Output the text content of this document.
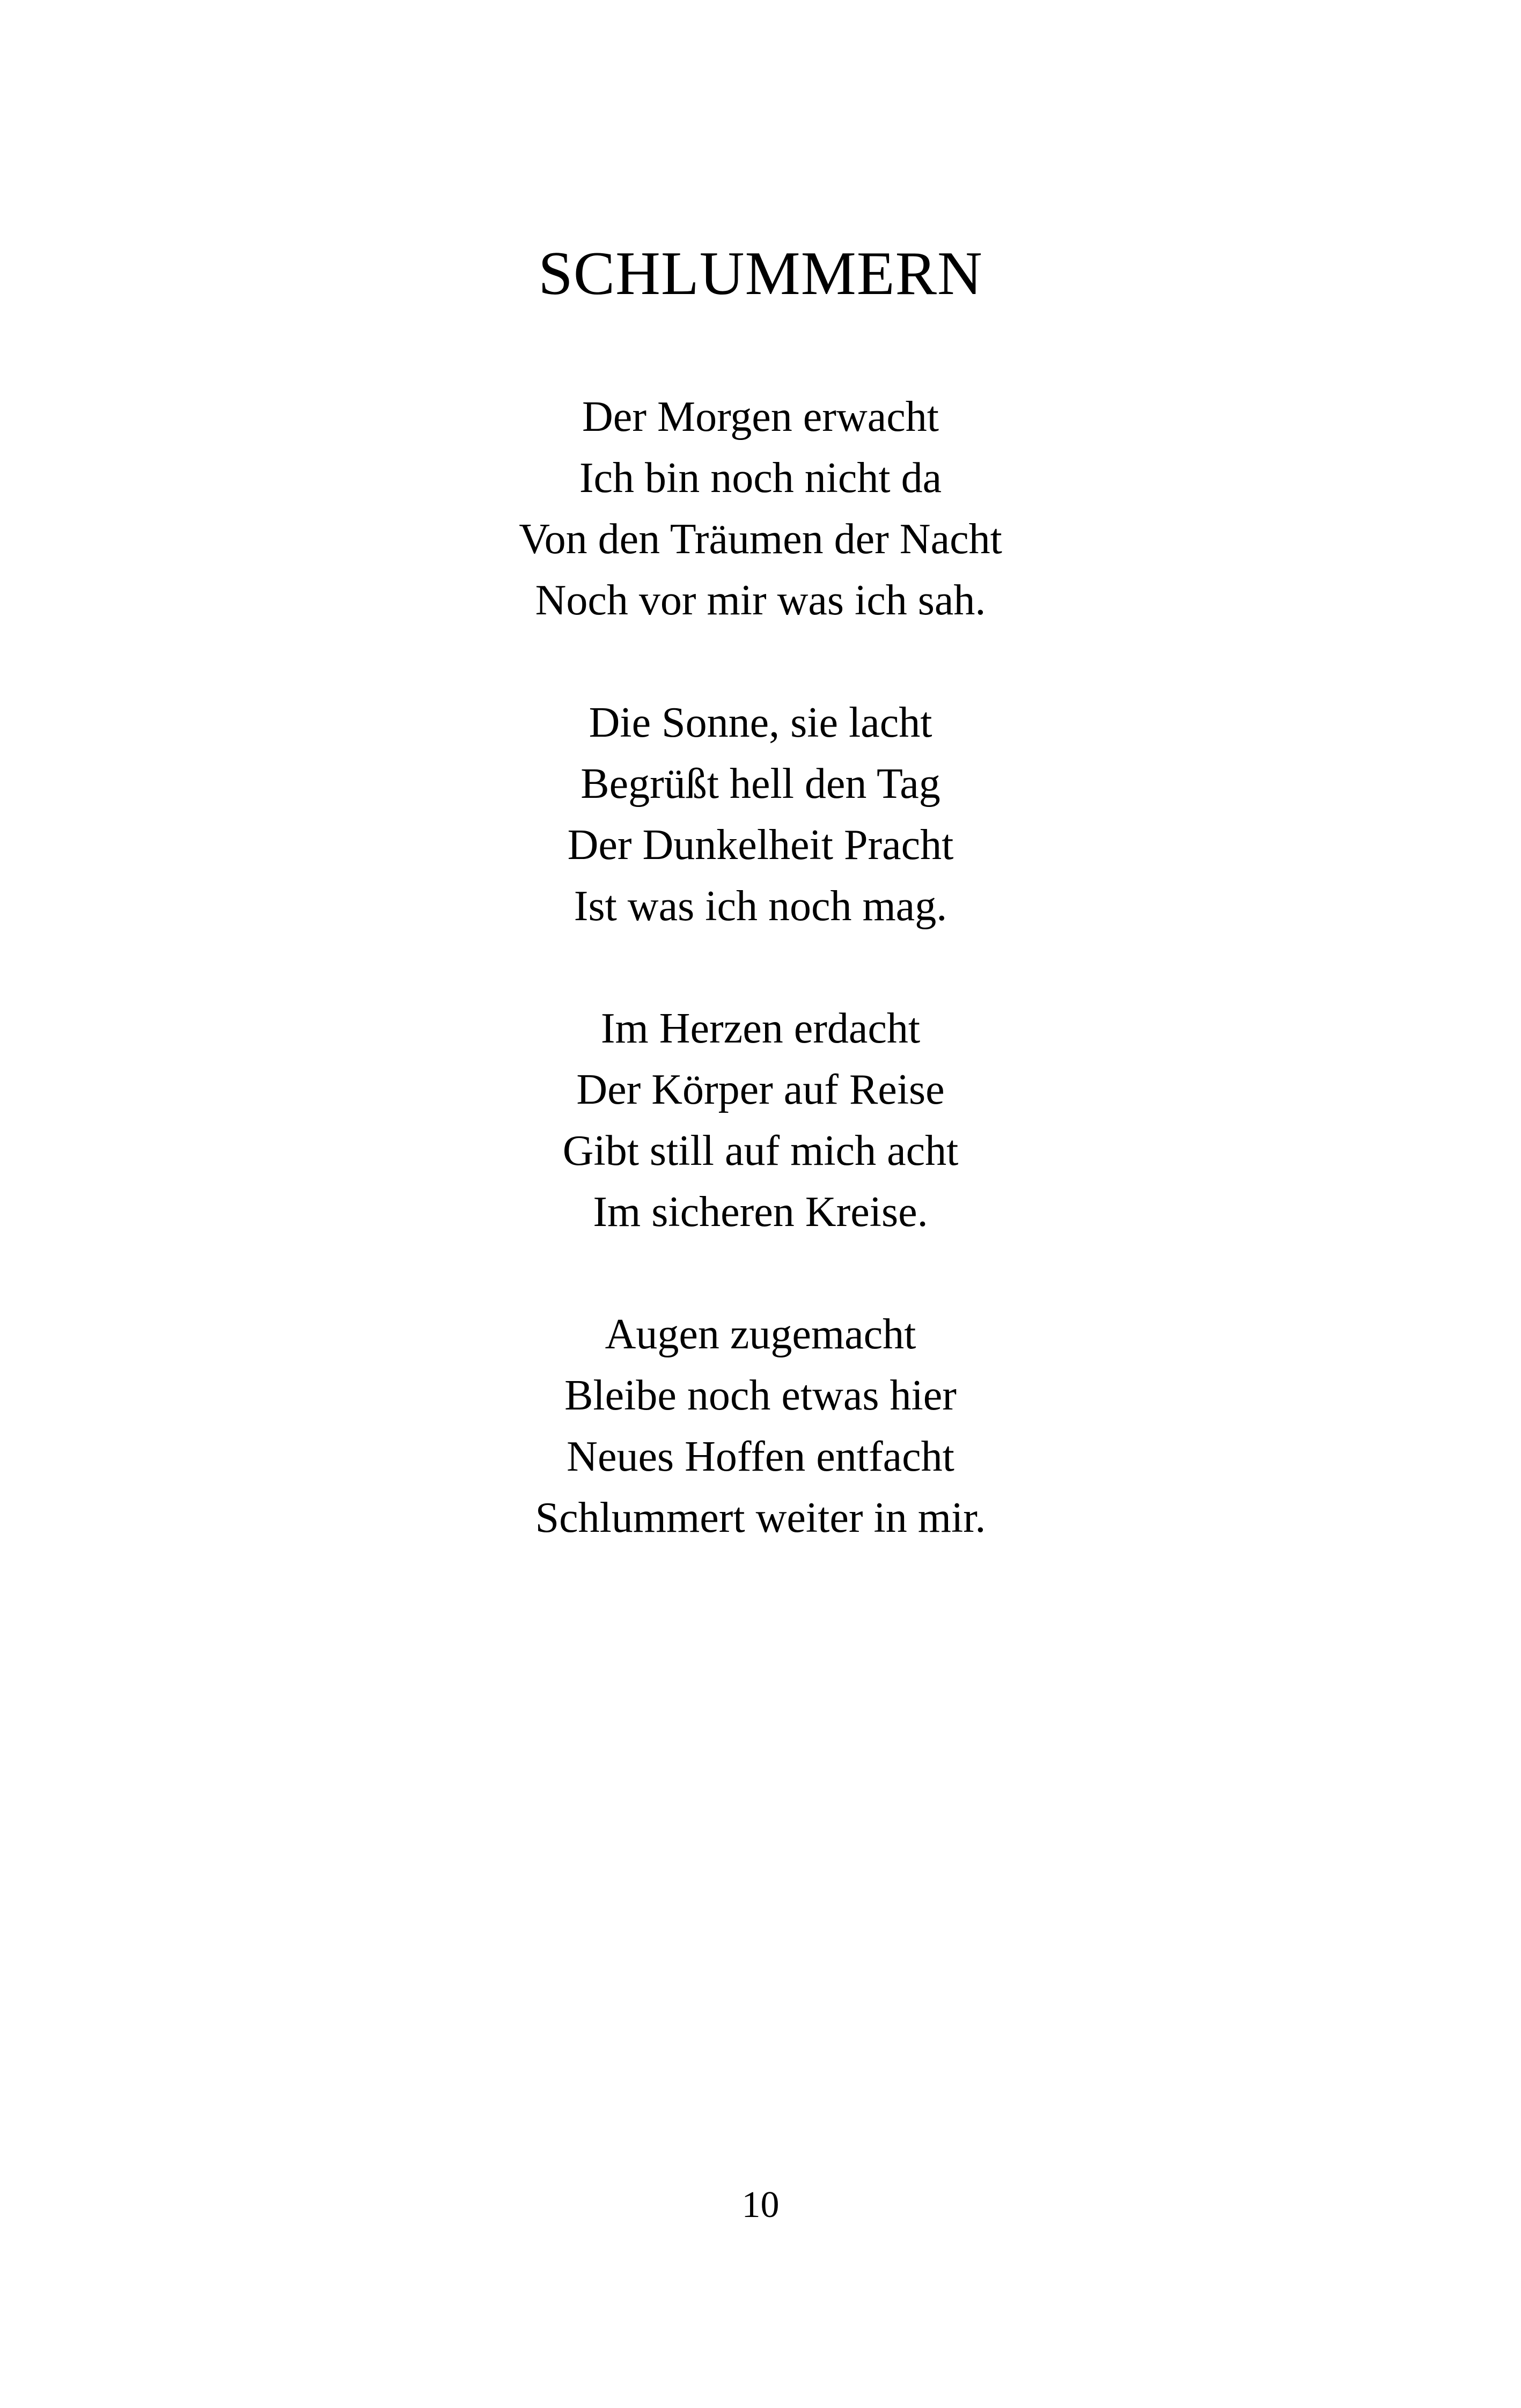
SCHLUMMERN
Der Morgen erwacht
Ich bin noch nicht da
Von den Träumen der Nacht
Noch vor mir was ich sah.
Die Sonne, sie lacht
Begrüßt hell den Tag
Der Dunkelheit Pracht
Ist was ich noch mag.
Im Herzen erdacht
Der Körper auf Reise
Gibt still auf mich acht
Im sicheren Kreise.
Augen zugemacht
Bleibe noch etwas hier
Neues Hoffen entfacht
Schlummert weiter in mir.
10
